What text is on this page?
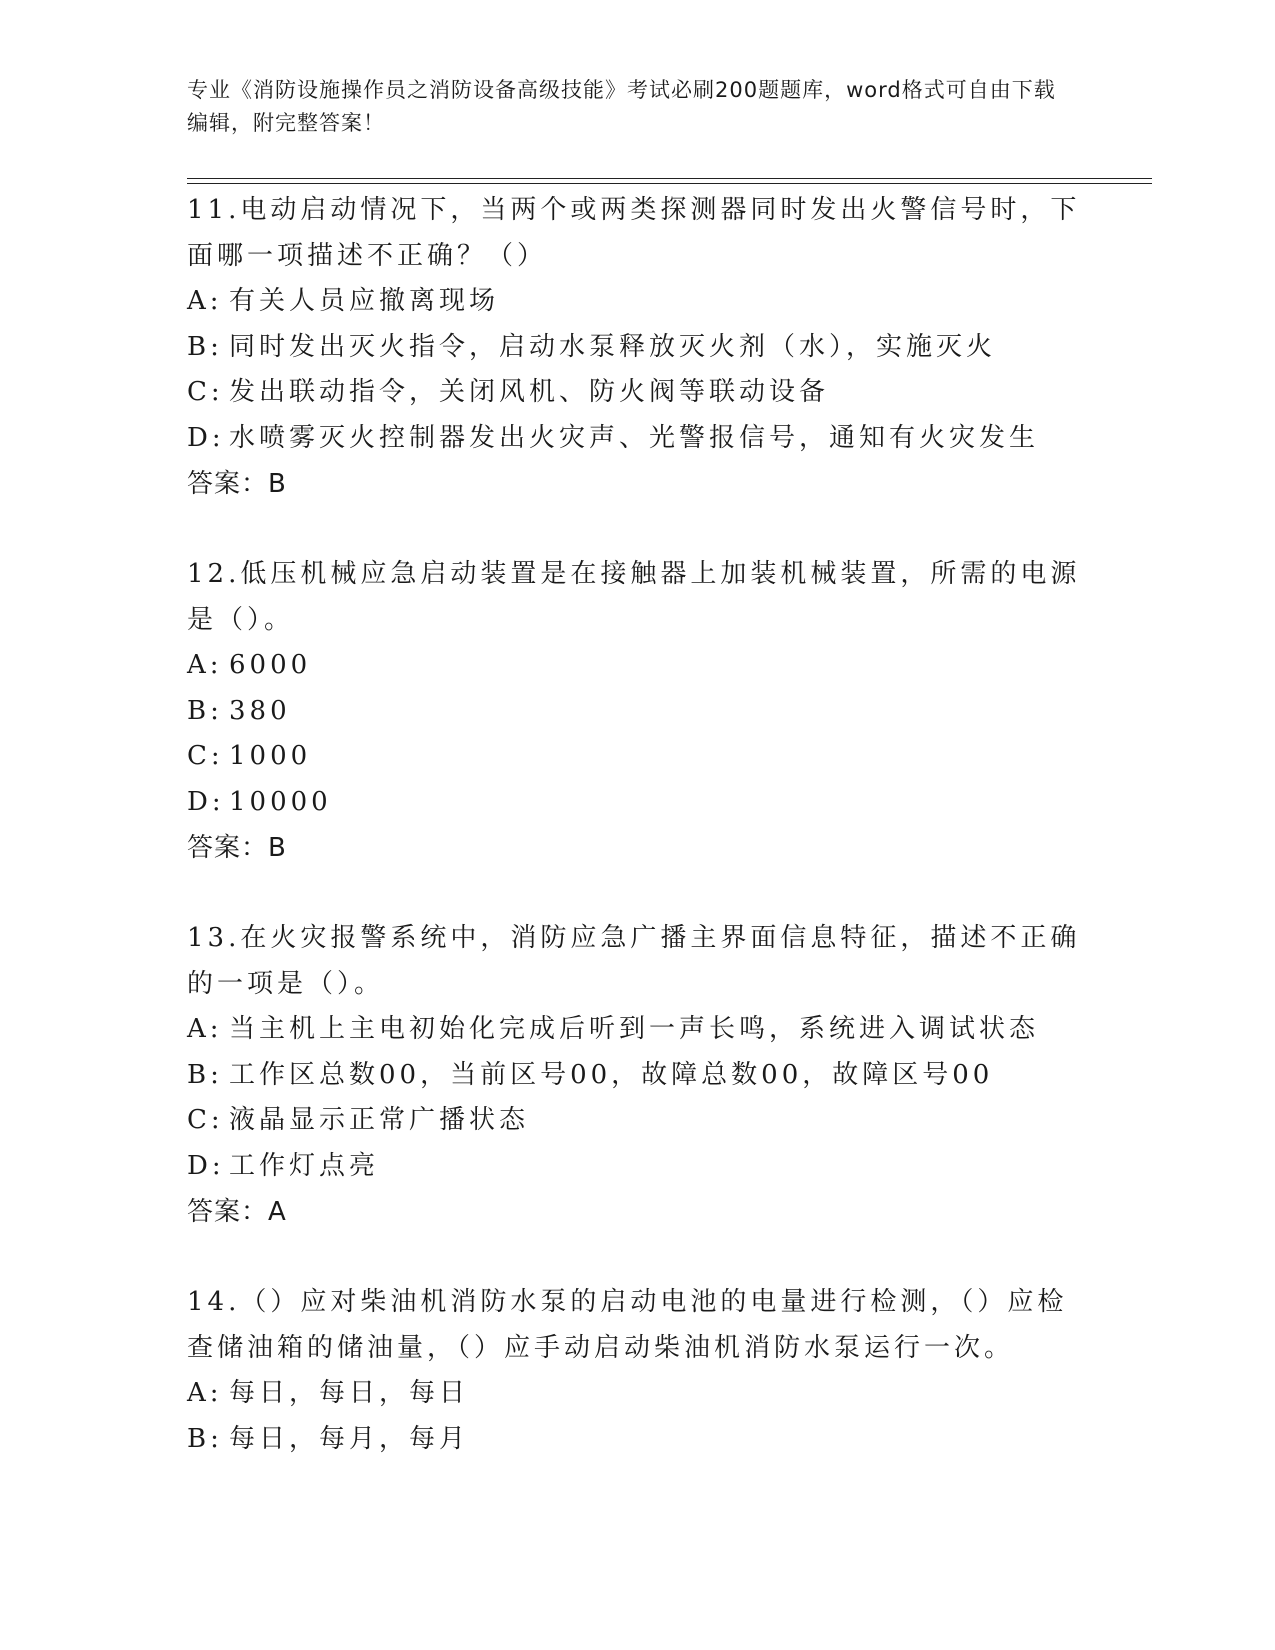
专业《消防设施操作员之消防设备高级技能》考试必刷200题题库，word格式可自由下载编辑，附完整答案！

11.电动启动情况下，当两个或两类探测器同时发出火警信号时，下面哪一项描述不正确？（）

A: 有关人员应撤离现场
B: 同时发出灭火指令，启动水泵释放灭火剂（水），实施灭火
C: 发出联动指令，关闭风机、防火阀等联动设备
D: 水喷雾灭火控制器发出火灾声、光警报信号，通知有火灾发生

答案：B

12.低压机械应急启动装置是在接触器上加装机械装置，所需的电源是（）。

A: 6000
B: 380
C: 1000
D: 10000

答案：B

13.在火灾报警系统中，消防应急广播主界面信息特征，描述不正确的一项是（）。

A: 当主机上主电初始化完成后听到一声长鸣，系统进入调试状态
B: 工作区总数00，当前区号00，故障总数00，故障区号00
C: 液晶显示正常广播状态
D: 工作灯点亮

答案：A

14.（）应对柴油机消防水泵的启动电池的电量进行检测，（）应检查储油箱的储油量，（）应手动启动柴油机消防水泵运行一次。

A: 每日，每日，每日
B: 每日，每月，每月
